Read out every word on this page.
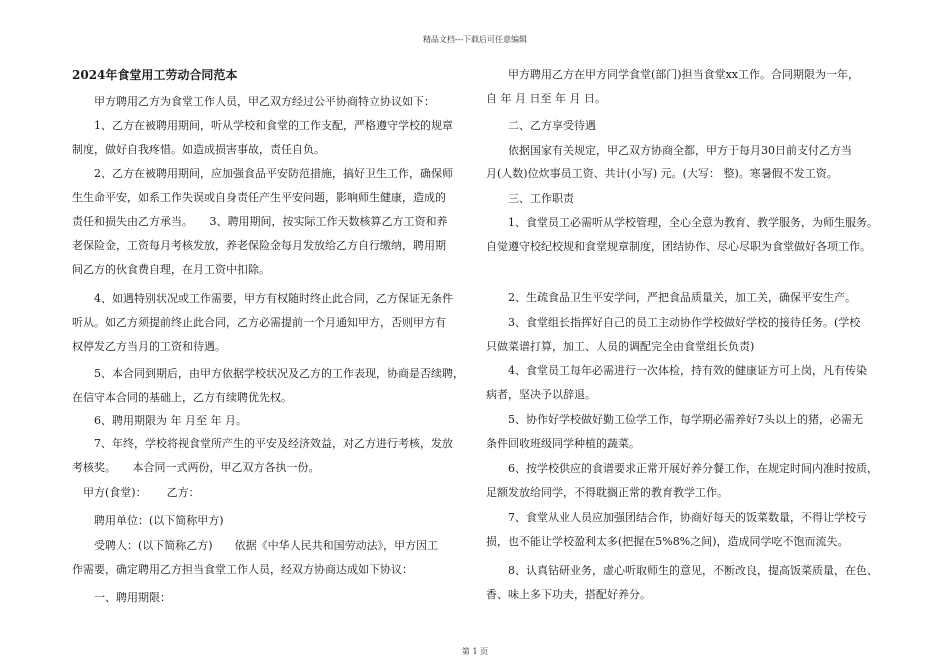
精品文档---下载后可任意编辑
2024年食堂用工劳动合同范本
　　甲方聘用乙方为食堂工作人员，甲乙双方经过公平协商特立协议如下：
　　1、乙方在被聘用期间，听从学校和食堂的工作支配，严格遵守学校的规章
制度，做好自我疼惜。如造成损害事故，责任自负。
　　2、乙方在被聘用期间，应加强食品平安防范措施，搞好卫生工作，确保师
生生命平安，如系工作失误或自身责任产生平安问题，影响师生健康，造成的
责任和损失由乙方承当。　　3、聘用期间，按实际工作天数核算乙方工资和养
老保险金，工资每月考核发放，养老保险金每月发放给乙方自行缴纳，聘用期
间乙方的伙食费自理，在月工资中扣除。
　　4、如遇特别状况或工作需要，甲方有权随时终止此合同，乙方保证无条件
听从。如乙方须提前终止此合同，乙方必需提前一个月通知甲方，否则甲方有
权停发乙方当月的工资和待遇。
　　5、本合同到期后，由甲方依据学校状况及乙方的工作表现，协商是否续聘，
在信守本合同的基础上，乙方有续聘优先权。
　　6、聘用期限为 年 月至 年 月。
　　7、年终，学校将视食堂所产生的平安及经济效益，对乙方进行考核，发放
考核奖。　　本合同一式两份，甲乙双方各执一份。
　甲方(食堂)：　　 乙方：
　　聘用单位：(以下简称甲方)
　　受聘人：(以下简称乙方)　　依据《中华人民共和国劳动法》，甲方因工
作需要，确定聘用乙方担当食堂工作人员，经双方协商达成如下协议：
　　一、聘用期限：
　　甲方聘用乙方在甲方同学食堂(部门)担当食堂xx工作。合同期限为一年，
自 年 月 日至 年 月 日。
　　二、乙方享受待遇
　　依据国家有关规定，甲乙双方协商全都，甲方于每月30日前支付乙方当
月(人数)位炊事员工资、共计(小写) 元。(大写： 整)。寒暑假不发工资。
　　三、工作职责
　　1、食堂员工必需听从学校管理，全心全意为教育、教学服务，为师生服务。
自觉遵守校纪校规和食堂规章制度，团结协作、尽心尽职为食堂做好各项工作。
　　2、生疏食品卫生平安学问，严把食品质量关，加工关，确保平安生产。
　　3、食堂组长指挥好自己的员工主动协作学校做好学校的接待任务。(学校
只做菜谱打算，加工、人员的调配完全由食堂组长负责)
　　4、食堂员工每年必需进行一次体检，持有效的健康证方可上岗，凡有传染
病者，坚决予以辞退。
　　5、协作好学校做好勤工俭学工作，每学期必需养好7头以上的猪，必需无
条件回收班级同学种植的蔬菜。
　　6、按学校供应的食谱要求正常开展好养分餐工作，在规定时间内准时按质，
足额发放给同学，不得耽搁正常的教育教学工作。
　　7、食堂从业人员应加强团结合作，协商好每天的饭菜数量，不得让学校亏
损，也不能让学校盈利太多(把握在5%8%之间)，造成同学吃不饱而流失。
　　8、认真钻研业务，虚心听取师生的意见，不断改良，提高饭菜质量，在色、
香、味上多下功夫，搭配好养分。
第 1 页
